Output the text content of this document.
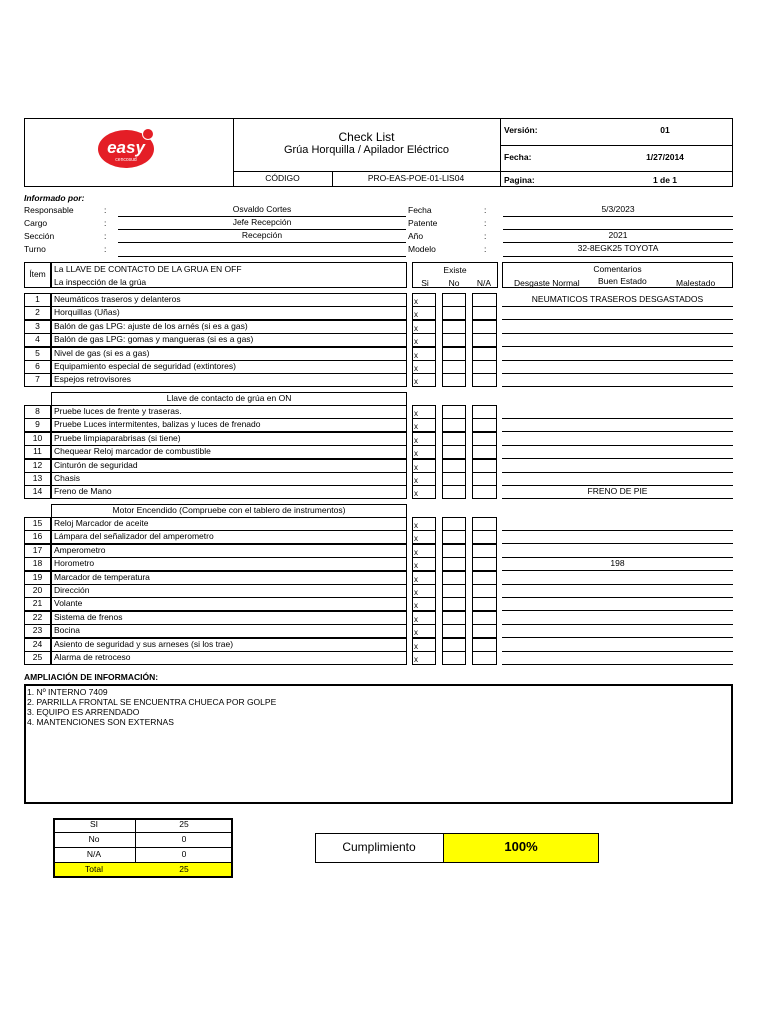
easy
cencosud
Check List
Grúa Horquilla / Apilador Eléctrico
CÓDIGO	PRO-EAS-POE-01-LIS04
Versión:	01
Fecha:	1/27/2014
Pagina:	1 de 1
Informado por:
Responsable	:	Osvaldo Cortes
Cargo	:	Jefe Recepción
Sección	:	Recepción
Turno	:
Fecha	:	5/3/2023
Patente	:
Año	:	2021
Modelo	:	32-8EGK25 TOYOTA
Ítem La LLAVE DE CONTACTO DE LA GRUA EN OFF
La inspección de la grúa
Existe
Si	No	N/A
Comentarios
Desgaste Normal Buen Estado	Malestado
Llave de contacto de grúa en ON
Motor Encendido (Compruebe con el tablero de instrumentos)
1	Neumáticos traseros y delanteros	x	NEUMATICOS TRASEROS DESGASTADOS
2	Horquillas (Uñas)	x
3	Balón de gas LPG: ajuste de los arnés (si es a gas)	x
4	Balón de gas LPG: gomas y mangueras (si es a gas)	x
5	Nivel de gas (si es a gas)	x
6	Equipamiento especial de seguridad (extintores)	x
7	Espejos retrovisores	x
8	Pruebe luces de frente y traseras.	x
9	Pruebe Luces intermitentes, balizas y luces de frenado	x
10	Pruebe limpiaparabrisas (si tiene)	x
11	Chequear Reloj marcador de combustible	x
12	Cinturón de seguridad	x
13	Chasis	x
14	Freno de Mano	x	FRENO DE PIE
15	Reloj Marcador de aceite	x
16	Lámpara del señalizador del amperometro	x
17	Amperometro	x
18	Horometro	x	198
19	Marcador de temperatura	x
20	Dirección	x
21	Volante	x
22	Sistema de frenos	x
23	Bocina	x
24	Asiento de seguridad y sus arneses (si los trae)	x
25	Alarma de retroceso	x
AMPLIACIÓN DE INFORMACIÓN:
1. Nº INTERNO 7409
2. PARRILLA FRONTAL SE ENCUENTRA CHUECA POR GOLPE
3. EQUIPO ES ARRENDADO
4. MANTENCIONES SON EXTERNAS
SI	25
No	0
N/A	0
Total	25
Cumplimiento	100%
